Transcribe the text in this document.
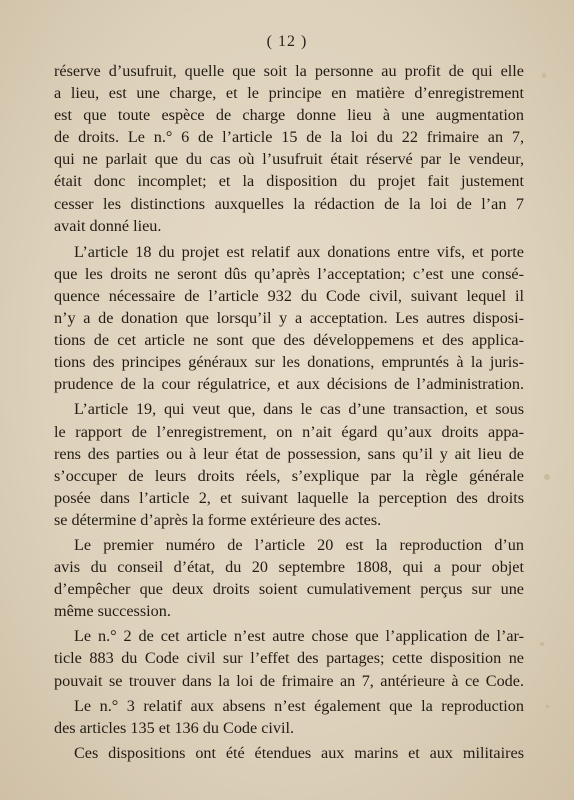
( 12 )
réserve d’usufruit, quelle que soit la personne au profit de qui elle
a lieu, est une charge, et le principe en matière d’enregistrement
est que toute espèce de charge donne lieu à une augmentation
de droits. Le n.° 6 de l’article 15 de la loi du 22 frimaire an 7,
qui ne parlait que du cas où l’usufruit était réservé par le vendeur,
était donc incomplet; et la disposition du projet fait justement
cesser les distinctions auxquelles la rédaction de la loi de l’an 7
avait donné lieu.
L’article 18 du projet est relatif aux donations entre vifs, et porte
que les droits ne seront dûs qu’après l’acceptation; c’est une consé-
quence nécessaire de l’article 932 du Code civil, suivant lequel il
n’y a de donation que lorsqu’il y a acceptation. Les autres disposi-
tions de cet article ne sont que des développemens et des applica-
tions des principes généraux sur les donations, empruntés à la juris-
prudence de la cour régulatrice, et aux décisions de l’administration.
L’article 19, qui veut que, dans le cas d’une transaction, et sous
le rapport de l’enregistrement, on n’ait égard qu’aux droits appa-
rens des parties ou à leur état de possession, sans qu’il y ait lieu de
s’occuper de leurs droits réels, s’explique par la règle générale
posée dans l’article 2, et suivant laquelle la perception des droits
se détermine d’après la forme extérieure des actes.
Le premier numéro de l’article 20 est la reproduction d’un
avis du conseil d’état, du 20 septembre 1808, qui a pour objet
d’empêcher que deux droits soient cumulativement perçus sur une
même succession.
Le n.° 2 de cet article n’est autre chose que l’application de l’ar-
ticle 883 du Code civil sur l’effet des partages; cette disposition ne
pouvait se trouver dans la loi de frimaire an 7, antérieure à ce Code.
Le n.° 3 relatif aux absens n’est également que la reproduction
des articles 135 et 136 du Code civil.
Ces dispositions ont été étendues aux marins et aux militaires
